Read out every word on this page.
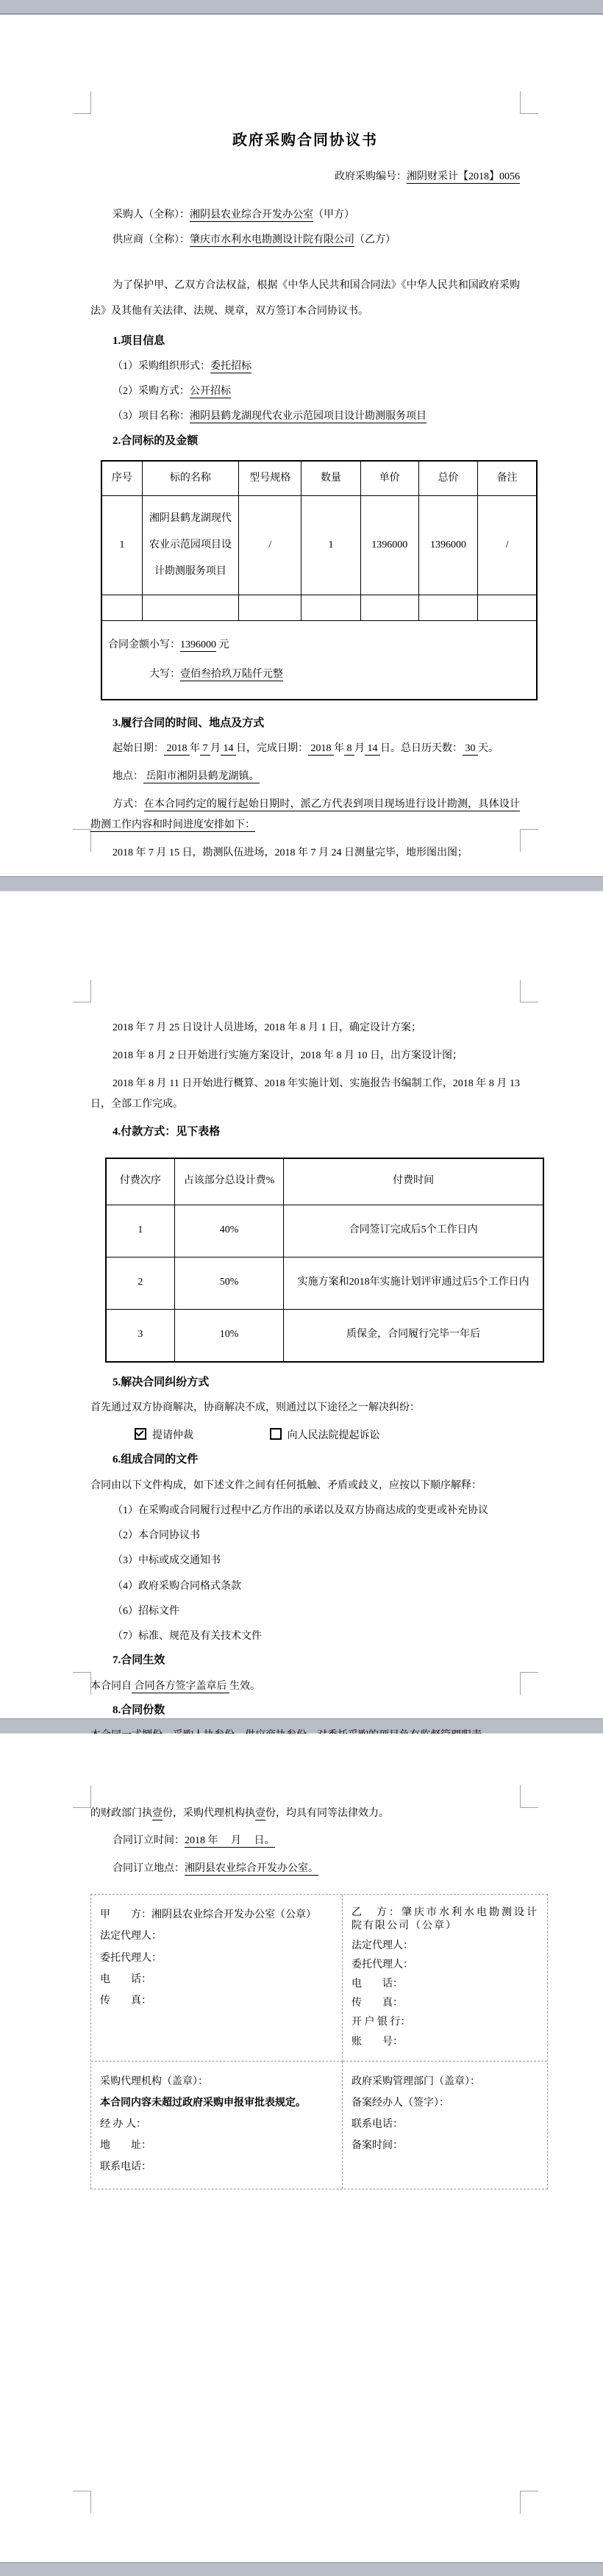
政府采购合同协议书
政府采购编号：湘阴财采计【2018】0056
采购人（全称）：湘阴县农业综合开发办公室（甲方）
供应商（全称）：肇庆市水利水电勘测设计院有限公司（乙方）

为了保护甲、乙双方合法权益，根据《中华人民共和国合同法》《中华人民共和国政府采购法》及其他有关法律、法规、规章，双方签订本合同协议书。

1.项目信息
（1）采购组织形式：委托招标
（2）采购方式：公开招标
（3）项目名称：湘阴县鹤龙湖现代农业示范园项目设计勘测服务项目
2.合同标的及金额
序号	标的名称	型号规格	数量	单价	总价	备注
1	湘阴县鹤龙湖现代农业示范园项目设计勘测服务项目	/	1	1396000	1396000	/

合同金额小写：1396000 元
大写：壹佰叁拾玖万陆仟元整						
3.履行合同的时间、地点及方式
起始日期： 2018 年 7 月 14 日，完成日期： 2018 年 8 月 14 日。总日历天数： 30 天。
地点： 岳阳市湘阴县鹤龙湖镇。
方式：在本合同约定的履行起始日期时，派乙方代表到项目现场进行设计勘测，具体设计勘测工作内容和时间进度安排如下：
2018 年 7 月 15 日，勘测队伍进场，2018 年 7 月 24 日测量完毕，地形图出图；
2018 年 7 月 25 日设计人员进场，2018 年 8 月 1 日，确定设计方案；
2018 年 8 月 2 日开始进行实施方案设计，2018 年 8 月 10 日，出方案设计图；
2018 年 8 月 11 日开始进行概算、2018 年实施计划、实施报告书编制工作，2018 年 8 月 13 日，全部工作完成。
4.付款方式：见下表格
付费次序	占该部分总设计费%	付费时间
1	40%	合同签订完成后5个工作日内
2	50%	实施方案和2018年实施计划评审通过后5个工作日内
3	10%	质保金，合同履行完毕一年后
5.解决合同纠纷方式
首先通过双方协商解决，协商解决不成，则通过以下途径之一解决纠纷：
提请仲裁	向人民法院提起诉讼
6.组成合同的文件
合同由以下文件构成，如下述文件之间有任何抵触、矛盾或歧义，应按以下顺序解释：
（1）在采购或合同履行过程中乙方作出的承诺以及双方协商达成的变更或补充协议
（2）本合同协议书
（3）中标或成交通知书
（4）政府采购合同格式条款
（6）招标文件
（7）标准、规范及有关技术文件
7.合同生效
本合同自 合同各方签字盖章后 生效。
8.合同份数
的财政部门执壹份，采购代理机构执壹份，均具有同等法律效力。
合同订立时间：2018 年　 月　 日。
合同订立地点：湘阴县农业综合开发办公室。

甲　　方：湘阴县农业综合开发办公室（公章）

法定代理人：

委托代理人：

电　　话：

传　　真：

乙　方：肇庆市水利水电勘测设计院有限公司（公章）

法定代理人：

委托代理人：

电　　话：

传　　真：

开 户 银 行：

账　　号：

采购代理机构（盖章）：

本合同内容未超过政府采购申报审批表规定。

经 办 人：

地　　址：

联系电话：

政府采购管理部门（盖章）：

备案经办人（签字）：

联系电话：

备案时间：
